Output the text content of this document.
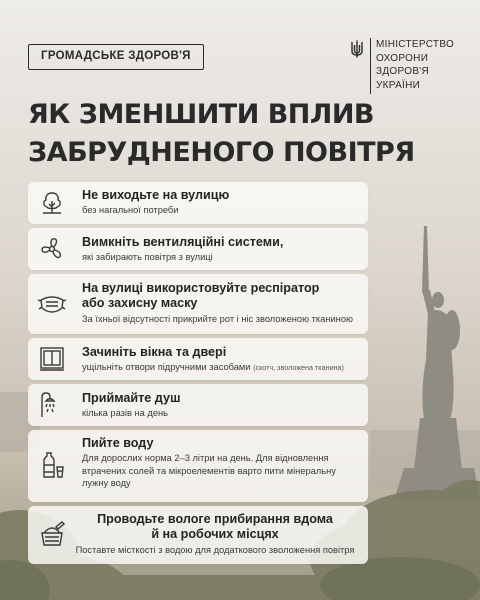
ГРОМАДСЬКЕ ЗДОРОВ'Я
МІНІСТЕРСТВО
ОХОРОНИ
ЗДОРОВ'Я
УКРАЇНИ
ЯК ЗМЕНШИТИ ВПЛИВ
ЗАБРУДНЕНОГО ПОВІТРЯ
Не виходьте на вулицю
без нагальної потреби
Вимкніть вентиляційні системи,
які забирають повітря з вулиці
На вулиці використовуйте респіратор
або захисну маску
За їхньої відсутності прикрийте рот і ніс зволоженою тканиною
Зачиніть вікна та двері
ущільніть отвори підручними засобами (скотч, зволожена тканина)
Приймайте душ
кілька разів на день
Пийте воду
Для дорослих норма 2–3 літри на день. Для відновлення
втрачених солей та мікроелементів варто пити мінеральну
лужну воду
Проводьте вологе прибирання вдома
й на робочих місцях
Поставте місткості з водою для додаткового зволоження повітря
